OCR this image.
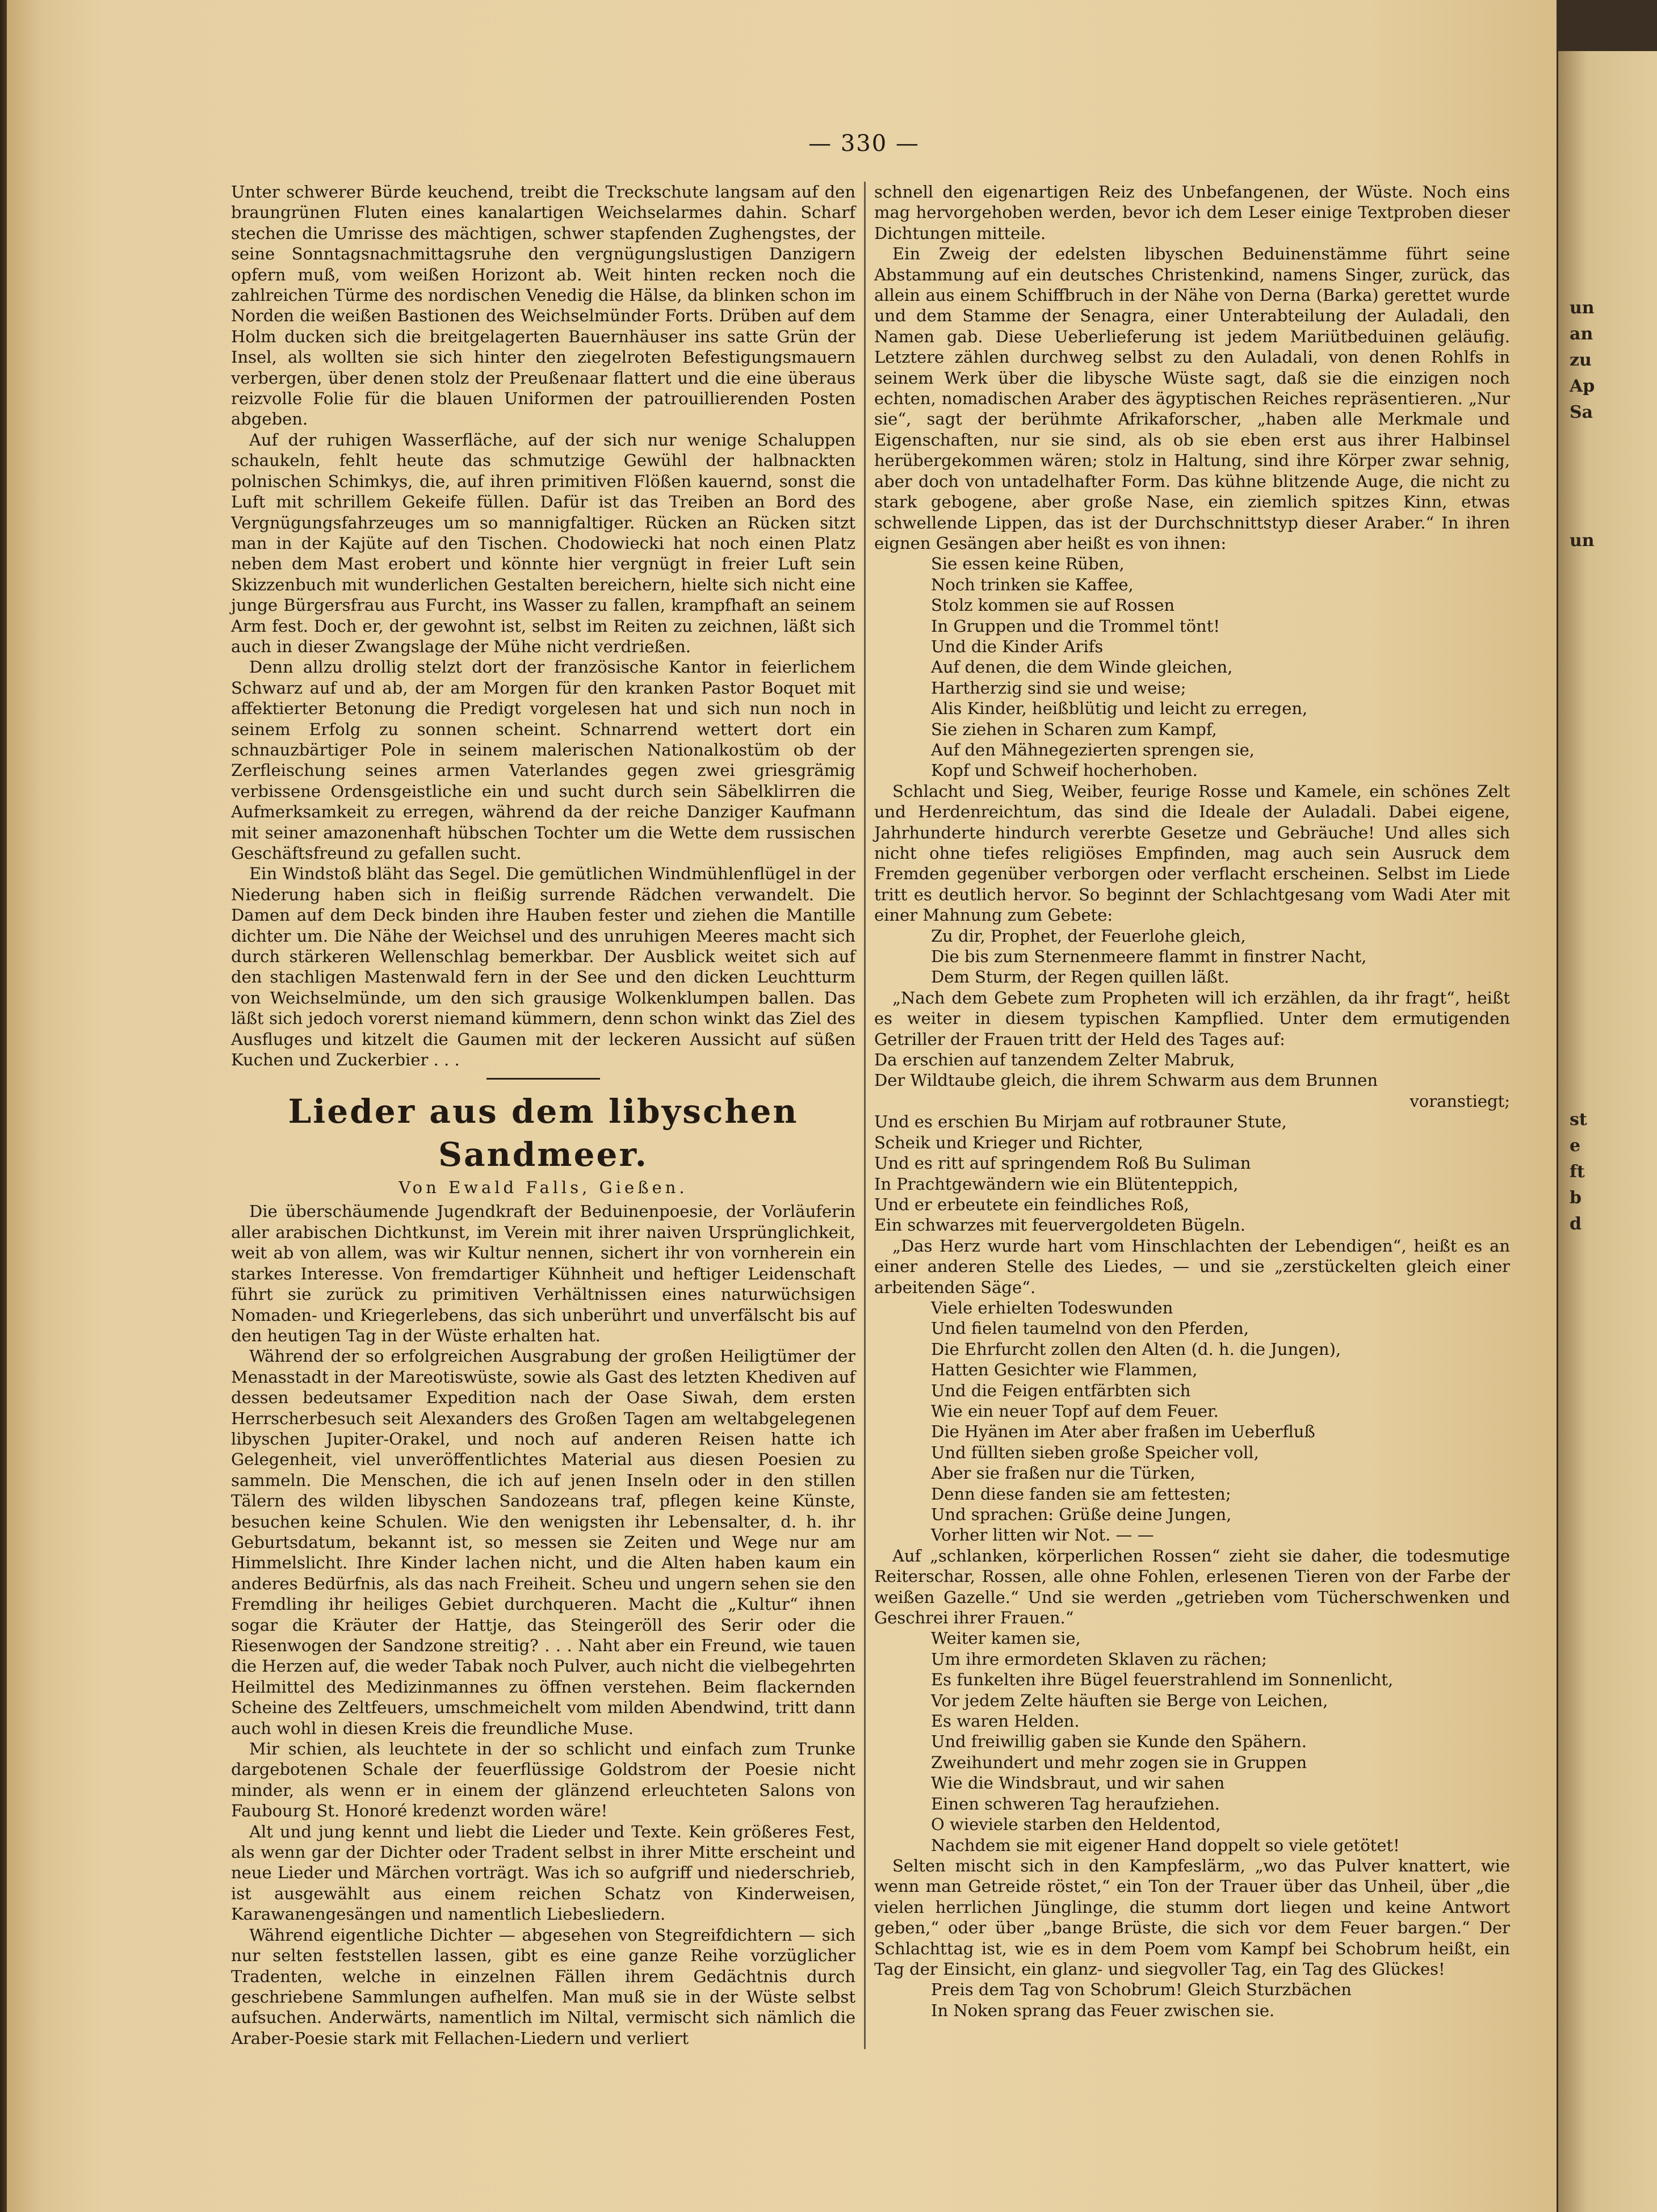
— 330 —

Unter schwerer Bürde keuchend, treibt die Treckschute langsam auf den braungrünen Fluten eines kanalartigen Weichselarmes dahin. Scharf stechen die Umrisse des mächtigen, schwer stapfenden Zughengstes, der seine Sonntagsnachmittagsruhe den vergnügungslustigen Danzigern opfern muß, vom weißen Horizont ab. Weit hinten recken noch die zahlreichen Türme des nordischen Venedig die Hälse, da blinken schon im Norden die weißen Bastionen des Weichselmünder Forts. Drüben auf dem Holm ducken sich die breitgelagerten Bauernhäuser ins satte Grün der Insel, als wollten sie sich hinter den ziegelroten Befestigungsmauern verbergen, über denen stolz der Preußenaar flattert und die eine überaus reizvolle Folie für die blauen Uniformen der patrouillierenden Posten abgeben.

Auf der ruhigen Wasserfläche, auf der sich nur wenige Schaluppen schaukeln, fehlt heute das schmutzige Gewühl der halbnackten polnischen Schimkys, die, auf ihren primitiven Flößen kauernd, sonst die Luft mit schrillem Gekeife füllen. Dafür ist das Treiben an Bord des Vergnügungsfahrzeuges um so mannigfaltiger. Rücken an Rücken sitzt man in der Kajüte auf den Tischen. Chodowiecki hat noch einen Platz neben dem Mast erobert und könnte hier vergnügt in freier Luft sein Skizzenbuch mit wunderlichen Gestalten bereichern, hielte sich nicht eine junge Bürgersfrau aus Furcht, ins Wasser zu fallen, krampfhaft an seinem Arm fest. Doch er, der gewohnt ist, selbst im Reiten zu zeichnen, läßt sich auch in dieser Zwangslage der Mühe nicht verdrießen.

Denn allzu drollig stelzt dort der französische Kantor in feierlichem Schwarz auf und ab, der am Morgen für den kranken Pastor Boquet mit affektierter Betonung die Predigt vorgelesen hat und sich nun noch in seinem Erfolg zu sonnen scheint. Schnarrend wettert dort ein schnauzbärtiger Pole in seinem malerischen Nationalkostüm ob der Zerfleischung seines armen Vaterlandes gegen zwei griesgrämig verbissene Ordensgeistliche ein und sucht durch sein Säbelklirren die Aufmerksamkeit zu erregen, während da der reiche Danziger Kaufmann mit seiner amazonenhaft hübschen Tochter um die Wette dem russischen Geschäftsfreund zu gefallen sucht.

Ein Windstoß bläht das Segel. Die gemütlichen Windmühlenflügel in der Niederung haben sich in fleißig surrende Rädchen verwandelt. Die Damen auf dem Deck binden ihre Hauben fester und ziehen die Mantille dichter um. Die Nähe der Weichsel und des unruhigen Meeres macht sich durch stärkeren Wellenschlag bemerkbar. Der Ausblick weitet sich auf den stachligen Mastenwald fern in der See und den dicken Leuchtturm von Weichselmünde, um den sich grausige Wolkenklumpen ballen. Das läßt sich jedoch vorerst niemand kümmern, denn schon winkt das Ziel des Ausfluges und kitzelt die Gaumen mit der leckeren Aussicht auf süßen Kuchen und Zuckerbier . . .

Lieder aus dem libyschen Sandmeer.
Von Ewald Falls, Gießen.

Die überschäumende Jugendkraft der Beduinenpoesie, der Vorläuferin aller arabischen Dichtkunst, im Verein mit ihrer naiven Ursprünglichkeit, weit ab von allem, was wir Kultur nennen, sichert ihr von vornherein ein starkes Interesse. Von fremdartiger Kühnheit und heftiger Leidenschaft führt sie zurück zu primitiven Verhältnissen eines naturwüchsigen Nomaden- und Kriegerlebens, das sich unberührt und unverfälscht bis auf den heutigen Tag in der Wüste erhalten hat.

Während der so erfolgreichen Ausgrabung der großen Heiligtümer der Menasstadt in der Mareotiswüste, sowie als Gast des letzten Khediven auf dessen bedeutsamer Expedition nach der Oase Siwah, dem ersten Herrscherbesuch seit Alexanders des Großen Tagen am weltabgelegenen libyschen Jupiter-Orakel, und noch auf anderen Reisen hatte ich Gelegenheit, viel unveröffentlichtes Material aus diesen Poesien zu sammeln. Die Menschen, die ich auf jenen Inseln oder in den stillen Tälern des wilden libyschen Sandozeans traf, pflegen keine Künste, besuchen keine Schulen. Wie den wenigsten ihr Lebensalter, d. h. ihr Geburtsdatum, bekannt ist, so messen sie Zeiten und Wege nur am Himmelslicht. Ihre Kinder lachen nicht, und die Alten haben kaum ein anderes Bedürfnis, als das nach Freiheit. Scheu und ungern sehen sie den Fremdling ihr heiliges Gebiet durchqueren. Macht die „Kultur“ ihnen sogar die Kräuter der Hattje, das Steingeröll des Serir oder die Riesenwogen der Sandzone streitig? . . . Naht aber ein Freund, wie tauen die Herzen auf, die weder Tabak noch Pulver, auch nicht die vielbegehrten Heilmittel des Medizinmannes zu öffnen verstehen. Beim flackernden Scheine des Zeltfeuers, umschmeichelt vom milden Abendwind, tritt dann auch wohl in diesen Kreis die freundliche Muse.

Mir schien, als leuchtete in der so schlicht und einfach zum Trunke dargebotenen Schale der feuerflüssige Goldstrom der Poesie nicht minder, als wenn er in einem der glänzend erleuchteten Salons von Faubourg St. Honoré kredenzt worden wäre!

Alt und jung kennt und liebt die Lieder und Texte. Kein größeres Fest, als wenn gar der Dichter oder Tradent selbst in ihrer Mitte erscheint und neue Lieder und Märchen vorträgt. Was ich so aufgriff und niederschrieb, ist ausgewählt aus einem reichen Schatz von Kinderweisen, Karawanengesängen und namentlich Liebesliedern.

Während eigentliche Dichter — abgesehen von Stegreifdichtern — sich nur selten feststellen lassen, gibt es eine ganze Reihe vorzüglicher Tradenten, welche in einzelnen Fällen ihrem Gedächtnis durch geschriebene Sammlungen aufhelfen. Man muß sie in der Wüste selbst aufsuchen. Anderwärts, namentlich im Niltal, vermischt sich nämlich die Araber-Poesie stark mit Fellachen-Liedern und verliert

schnell den eigenartigen Reiz des Unbefangenen, der Wüste. Noch eins mag hervorgehoben werden, bevor ich dem Leser einige Textproben dieser Dichtungen mitteile.

Ein Zweig der edelsten libyschen Beduinenstämme führt seine Abstammung auf ein deutsches Christenkind, namens Singer, zurück, das allein aus einem Schiffbruch in der Nähe von Derna (Barka) gerettet wurde und dem Stamme der Senagra, einer Unterabteilung der Auladali, den Namen gab. Diese Ueberlieferung ist jedem Mariütbeduinen geläufig. Letztere zählen durchweg selbst zu den Auladali, von denen Rohlfs in seinem Werk über die libysche Wüste sagt, daß sie die einzigen noch echten, nomadischen Araber des ägyptischen Reiches repräsentieren. „Nur sie“, sagt der berühmte Afrikaforscher, „haben alle Merkmale und Eigenschaften, nur sie sind, als ob sie eben erst aus ihrer Halbinsel herübergekommen wären; stolz in Haltung, sind ihre Körper zwar sehnig, aber doch von untadelhafter Form. Das kühne blitzende Auge, die nicht zu stark gebogene, aber große Nase, ein ziemlich spitzes Kinn, etwas schwellende Lippen, das ist der Durchschnittstyp dieser Araber.“ In ihren eignen Gesängen aber heißt es von ihnen:

Sie essen keine Rüben,
Noch trinken sie Kaffee,
Stolz kommen sie auf Rossen
In Gruppen und die Trommel tönt!
Und die Kinder Arifs
Auf denen, die dem Winde gleichen,
Hartherzig sind sie und weise;
Alis Kinder, heißblütig und leicht zu erregen,
Sie ziehen in Scharen zum Kampf,
Auf den Mähnegezierten sprengen sie,
Kopf und Schweif hocherhoben.

Schlacht und Sieg, Weiber, feurige Rosse und Kamele, ein schönes Zelt und Herdenreichtum, das sind die Ideale der Auladali. Dabei eigene, Jahrhunderte hindurch vererbte Gesetze und Gebräuche! Und alles sich nicht ohne tiefes religiöses Empfinden, mag auch sein Ausruck dem Fremden gegenüber verborgen oder verflacht erscheinen. Selbst im Liede tritt es deutlich hervor. So beginnt der Schlachtgesang vom Wadi Ater mit einer Mahnung zum Gebete:

Zu dir, Prophet, der Feuerlohe gleich,
Die bis zum Sternenmeere flammt in finstrer Nacht,
Dem Sturm, der Regen quillen läßt.

„Nach dem Gebete zum Propheten will ich erzählen, da ihr fragt“, heißt es weiter in diesem typischen Kampflied. Unter dem ermutigenden Getriller der Frauen tritt der Held des Tages auf:

Da erschien auf tanzendem Zelter Mabruk,
Der Wildtaube gleich, die ihrem Schwarm aus dem Brunnen
voranstiegt;
Und es erschien Bu Mirjam auf rotbrauner Stute,
Scheik und Krieger und Richter,
Und es ritt auf springendem Roß Bu Suliman
In Prachtgewändern wie ein Blütenteppich,
Und er erbeutete ein feindliches Roß,
Ein schwarzes mit feuervergoldeten Bügeln.

„Das Herz wurde hart vom Hinschlachten der Lebendigen“, heißt es an einer anderen Stelle des Liedes, — und sie „zerstückelten gleich einer arbeitenden Säge“.

Viele erhielten Todeswunden
Und fielen taumelnd von den Pferden,
Die Ehrfurcht zollen den Alten (d. h. die Jungen),
Hatten Gesichter wie Flammen,
Und die Feigen entfärbten sich
Wie ein neuer Topf auf dem Feuer.
Die Hyänen im Ater aber fraßen im Ueberfluß
Und füllten sieben große Speicher voll,
Aber sie fraßen nur die Türken,
Denn diese fanden sie am fettesten;
Und sprachen: Grüße deine Jungen,
Vorher litten wir Not. — —

Auf „schlanken, körperlichen Rossen“ zieht sie daher, die todesmutige Reiterschar, Rossen, alle ohne Fohlen, erlesenen Tieren von der Farbe der weißen Gazelle.“ Und sie werden „getrieben vom Tücherschwenken und Geschrei ihrer Frauen.“

Weiter kamen sie,
Um ihre ermordeten Sklaven zu rächen;
Es funkelten ihre Bügel feuerstrahlend im Sonnenlicht,
Vor jedem Zelte häuften sie Berge von Leichen,
Es waren Helden.
Und freiwillig gaben sie Kunde den Spähern.
Zweihundert und mehr zogen sie in Gruppen
Wie die Windsbraut, und wir sahen
Einen schweren Tag heraufziehen.
O wieviele starben den Heldentod,
Nachdem sie mit eigener Hand doppelt so viele getötet!

Selten mischt sich in den Kampfeslärm, „wo das Pulver knattert, wie wenn man Getreide röstet,“ ein Ton der Trauer über das Unheil, über „die vielen herrlichen Jünglinge, die stumm dort liegen und keine Antwort geben,“ oder über „bange Brüste, die sich vor dem Feuer bargen.“ Der Schlachttag ist, wie es in dem Poem vom Kampf bei Schobrum heißt, ein Tag der Einsicht, ein glanz- und siegvoller Tag, ein Tag des Glückes!

Preis dem Tag von Schobrum! Gleich Sturzbächen
In Noken sprang das Feuer zwischen sie.
un
an
zu
Ap
Sa
un
st
e
ft
b
d
